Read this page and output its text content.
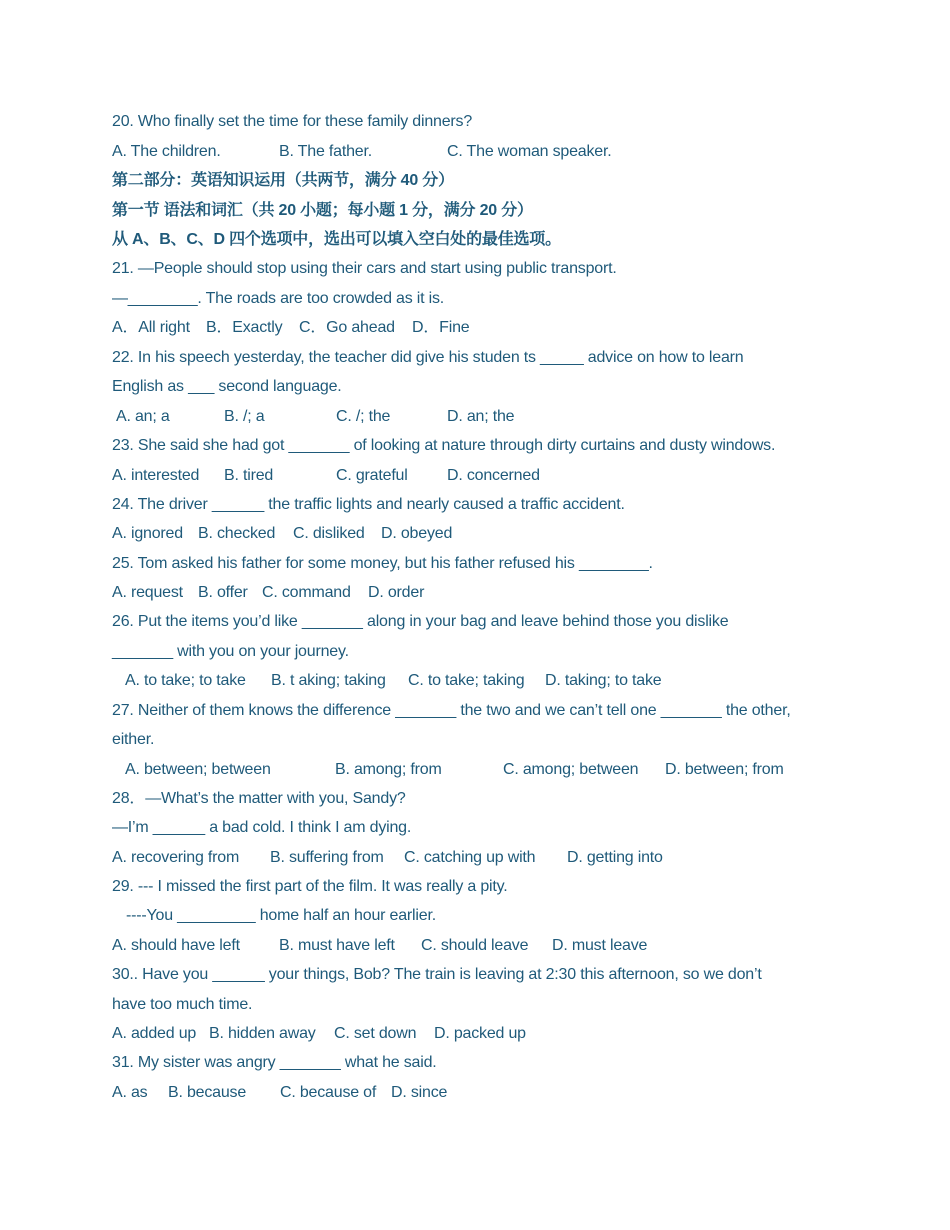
20. Who finally set the time for these family dinners?

A. The children.

	B. The father.

	C. The woman speaker.

第二部分：英语知识运用（共两节，满分 40 分）
第一节 语法和词汇（共 20 小题；每小题 1 分，满分 20 分）
从 A、B、C、D 四个选项中，选出可以填入空白处的最佳选项。
21. —People should stop using their cars and start using public transport.
—________. The roads are too crowded as it is.

A．All right

B．Exactly

C．Go ahead

D．Fine

22. In his speech yesterday, the teacher did give his studen ts _____ advice on how to learn
English as ___ second language.

A. an; a

	B. /; a

	C. /; the

	D. an; the

23. She said she had got _______ of looking at nature through dirty curtains and dusty windows.

A. interested

B. tired

	C. grateful

D. concerned

24. The driver ______ the traffic lights and nearly caused a traffic accident.

A. ignored

B. checked

C. disliked

D. obeyed

25. Tom asked his father for some money, but his father refused his ________.

A. request

B. offer

C. command

D. order

26. Put the items you’d like _______ along in your bag and leave behind those you dislike
_______ with you on your journey.

A. to take; to take

B. t aking; taking

C. to take; taking

D. taking; to take

27. Neither of them knows the difference _______ the two and we can’t tell one _______ the other,
either.

A. between; between

	B. among; from

	C. among; between

D. between; from

28．—What’s the matter with you, Sandy?
—I’m ______ a bad cold. I think I am dying.

A. recovering from

B. suffering from

C. catching up with

D. getting into

29. --- I missed the first part of the film. It was really a pity.
----You _________ home half an hour earlier.

A. should have left

B. must have left

C. should leave

D. must leave

30.. Have you ______ your things, Bob? The train is leaving at 2:30 this afternoon, so we don’t
have too much time.

A. added up

B. hidden away

C. set down

D. packed up

31. My sister was angry _______ what he said.

A. as

B. because

C. because of

D. since
